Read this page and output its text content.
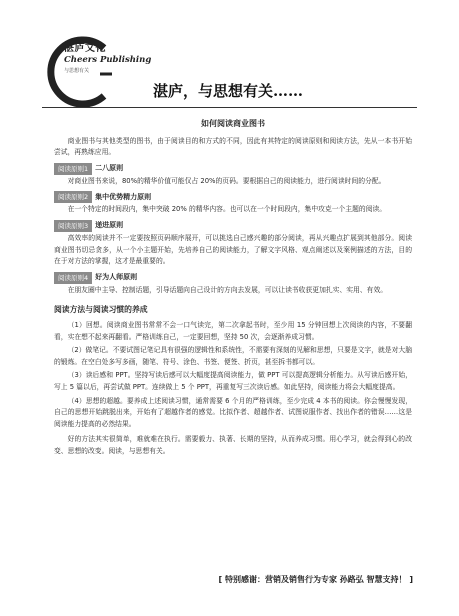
湛庐文化
Cheers Publishing
与思想有关
湛庐，与思想有关……
如何阅读商业图书

商业图书与其他类型的图书，由于阅读目的和方式的不同，因此有其特定的阅读原则和阅读方法，先从一本书开始尝试，再熟练应用。

阅读原则1	二八原则

对商业图书来说，80%的精华价值可能仅占 20%的页码。要根据自己的阅读能力，进行阅读时间的分配。

阅读原则2	集中优势精力原则

在一个特定的时间段内，集中突破 20% 的精华内容。也可以在一个时间段内，集中攻克一个主题的阅读。

阅读原则3	递进原则

高效率的阅读并不一定要按照页码顺序展开，可以挑选自己感兴趣的部分阅读，再从兴趣点扩展到其他部分。阅读商业图书切忌贪多，从一个小主题开始，先培养自己的阅读能力，了解文字风格、观点阐述以及案例描述的方法，目的在于对方法的掌握，这才是最重要的。

阅读原则4	好为人师原则

在朋友圈中主导、控制话题，引导话题向自己设计的方向去发展，可以让读书收获更加扎实、实用、有效。

阅读方法与阅读习惯的养成

（1）回想。阅读商业图书常常不会一口气读完，第二次拿起书时，至少用 15 分钟回想上次阅读的内容，不要翻看，实在想不起来再翻看。严格训练自己，一定要回想，坚持 50 次，会逐渐养成习惯。

（2）做笔记。不要试图记笔记具有很强的逻辑性和系统性，不需要有深刻的见解和思想，只要是文字，就是对大脑的锻炼。在空白处多写多画，随笔、符号、涂色、书签、便签、折页，甚至拆书都可以。

（3）读后感和 PPT。坚持写读后感可以大幅度提高阅读能力，做 PPT 可以提高逻辑分析能力。从写读后感开始，写上 5 篇以后，再尝试做 PPT。连续做上 5 个 PPT，再重复写三次读后感。如此坚持，阅读能力将会大幅度提高。

（4）思想的超越。要养成上述阅读习惯，通常需要 6 个月的严格训练，至少完成 4 本书的阅读。你会慢慢发现，自己的思想开始跳脱出来，开始有了超越作者的感觉。比拟作者、超越作者、试图说服作者、找出作者的错误……这是阅读能力提高的必然结果。

好的方法其实很简单，难就难在执行。需要毅力、执著、长期的坚持，从而养成习惯。用心学习，就会得到心的改变、思想的改变。阅读，与思想有关。

[ 特别感谢：营销及销售行为专家 孙路弘 智慧支持！ ]
